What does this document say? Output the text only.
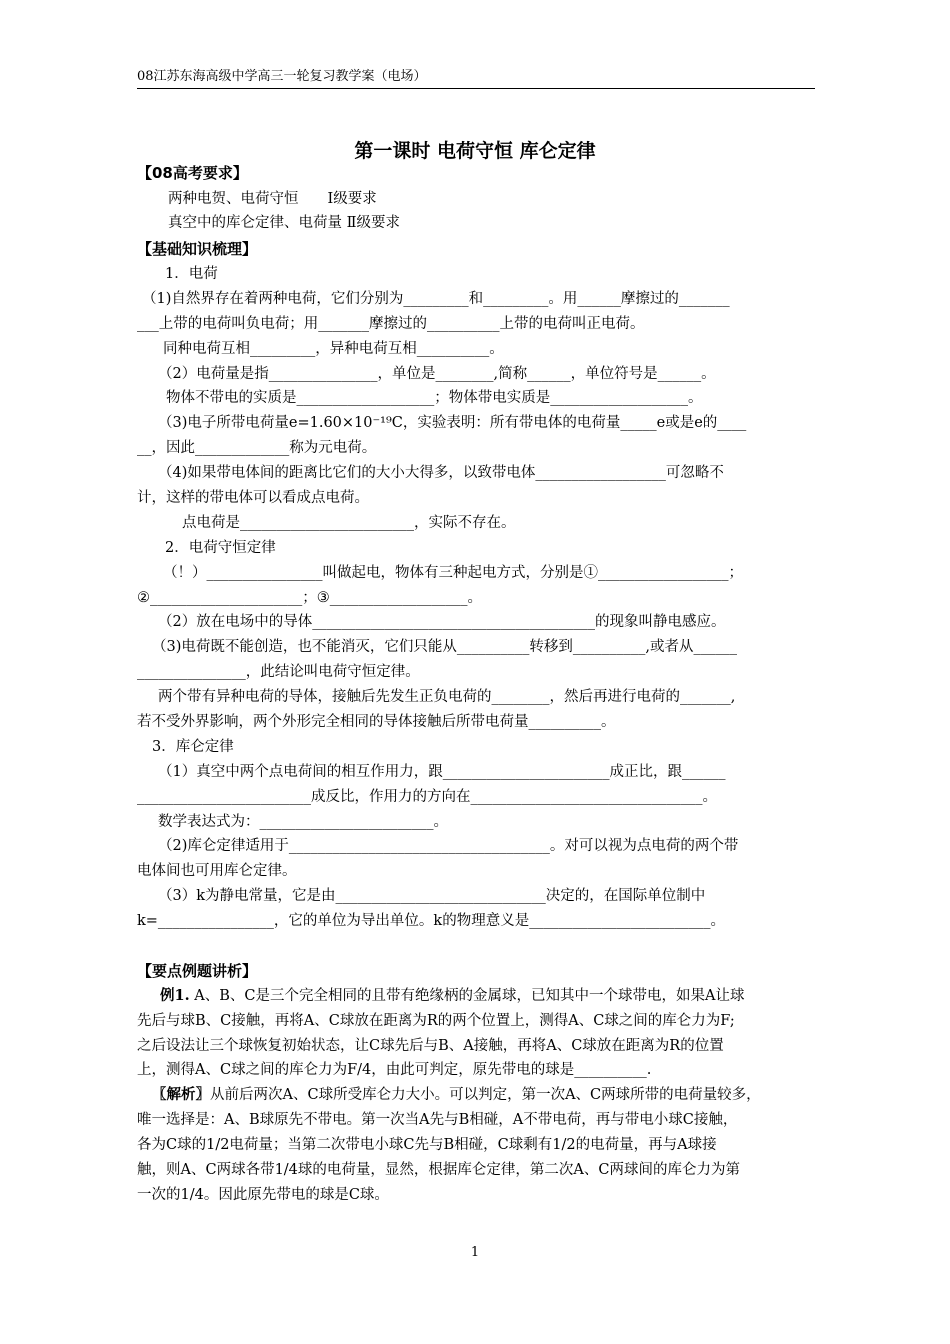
08江苏东海高级中学高三一轮复习教学案（电场）
第一课时 电荷守恒 库仑定律
【08高考要求】
两种电贺、电荷守恒　　Ⅰ级要求
真空中的库仑定律、电荷量 Ⅱ级要求
【基础知识梳理】
1．电荷
（1)自然界存在着两种电荷，它们分别为_________和_________。用______摩擦过的_______
___上带的电荷叫负电荷；用_______摩擦过的__________上带的电荷叫正电荷。
同种电荷互相_________，异种电荷互相__________。
（2）电荷量是指_______________，单位是________,简称______，单位符号是______。
物体不带电的实质是___________________；物体带电实质是___________________。
（3)电子所带电荷量e=1.60×10⁻¹⁹C，实验表明：所有带电体的电荷量_____e或是e的____
__，因此_____________称为元电荷。
（4)如果带电体间的距离比它们的大小大得多，以致带电体__________________可忽略不
计，这样的带电体可以看成点电荷。
点电荷是________________________，实际不存在。
2．电荷守恒定律
（！）________________叫做起电，物体有三种起电方式，分别是①__________________；
②_____________________；③___________________。
（2）放在电场中的导体_______________________________________的现象叫静电感应。
（3)电荷既不能创造，也不能消灭，它们只能从__________转移到__________,或者从______
_______________，此结论叫电荷守恒定律。
两个带有异种电荷的导体，接触后先发生正负电荷的________，然后再进行电荷的_______,
若不受外界影响，两个外形完全相同的导体接触后所带电荷量__________。
3．库仑定律
（1）真空中两个点电荷间的相互作用力，跟_______________________成正比，跟______
________________________成反比，作用力的方向在________________________________。
数学表达式为：________________________。
（2)库仑定律适用于____________________________________。对可以视为点电荷的两个带
电体间也可用库仑定律。
（3）k为静电常量，它是由_____________________________决定的，在国际单位制中
k=________________，它的单位为导出单位。k的物理意义是_________________________。
【要点例题讲析】
例1. A、B、C是三个完全相同的且带有绝缘柄的金属球，已知其中一个球带电，如果A让球
先后与球B、C接触，再将A、C球放在距离为R的两个位置上，测得A、C球之间的库仑力为F;
之后设法让三个球恢复初始状态，让C球先后与B、A接触，再将A、C球放在距离为R的位置
上，测得A、C球之间的库仑力为F/4，由此可判定，原先带电的球是__________.
〖解析〗从前后两次A、C球所受库仑力大小。可以判定，第一次A、C两球所带的电荷量较多，
唯一选择是：A、B球原先不带电。第一次当A先与B相碰，A不带电荷，再与带电小球C接触，
各为C球的1/2电荷量；当第二次带电小球C先与B相碰，C球剩有1/2的电荷量，再与A球接
触，则A、C两球各带1/4球的电荷量，显然，根据库仑定律，第二次A、C两球间的库仑力为第
一次的1/4。因此原先带电的球是C球。
1
